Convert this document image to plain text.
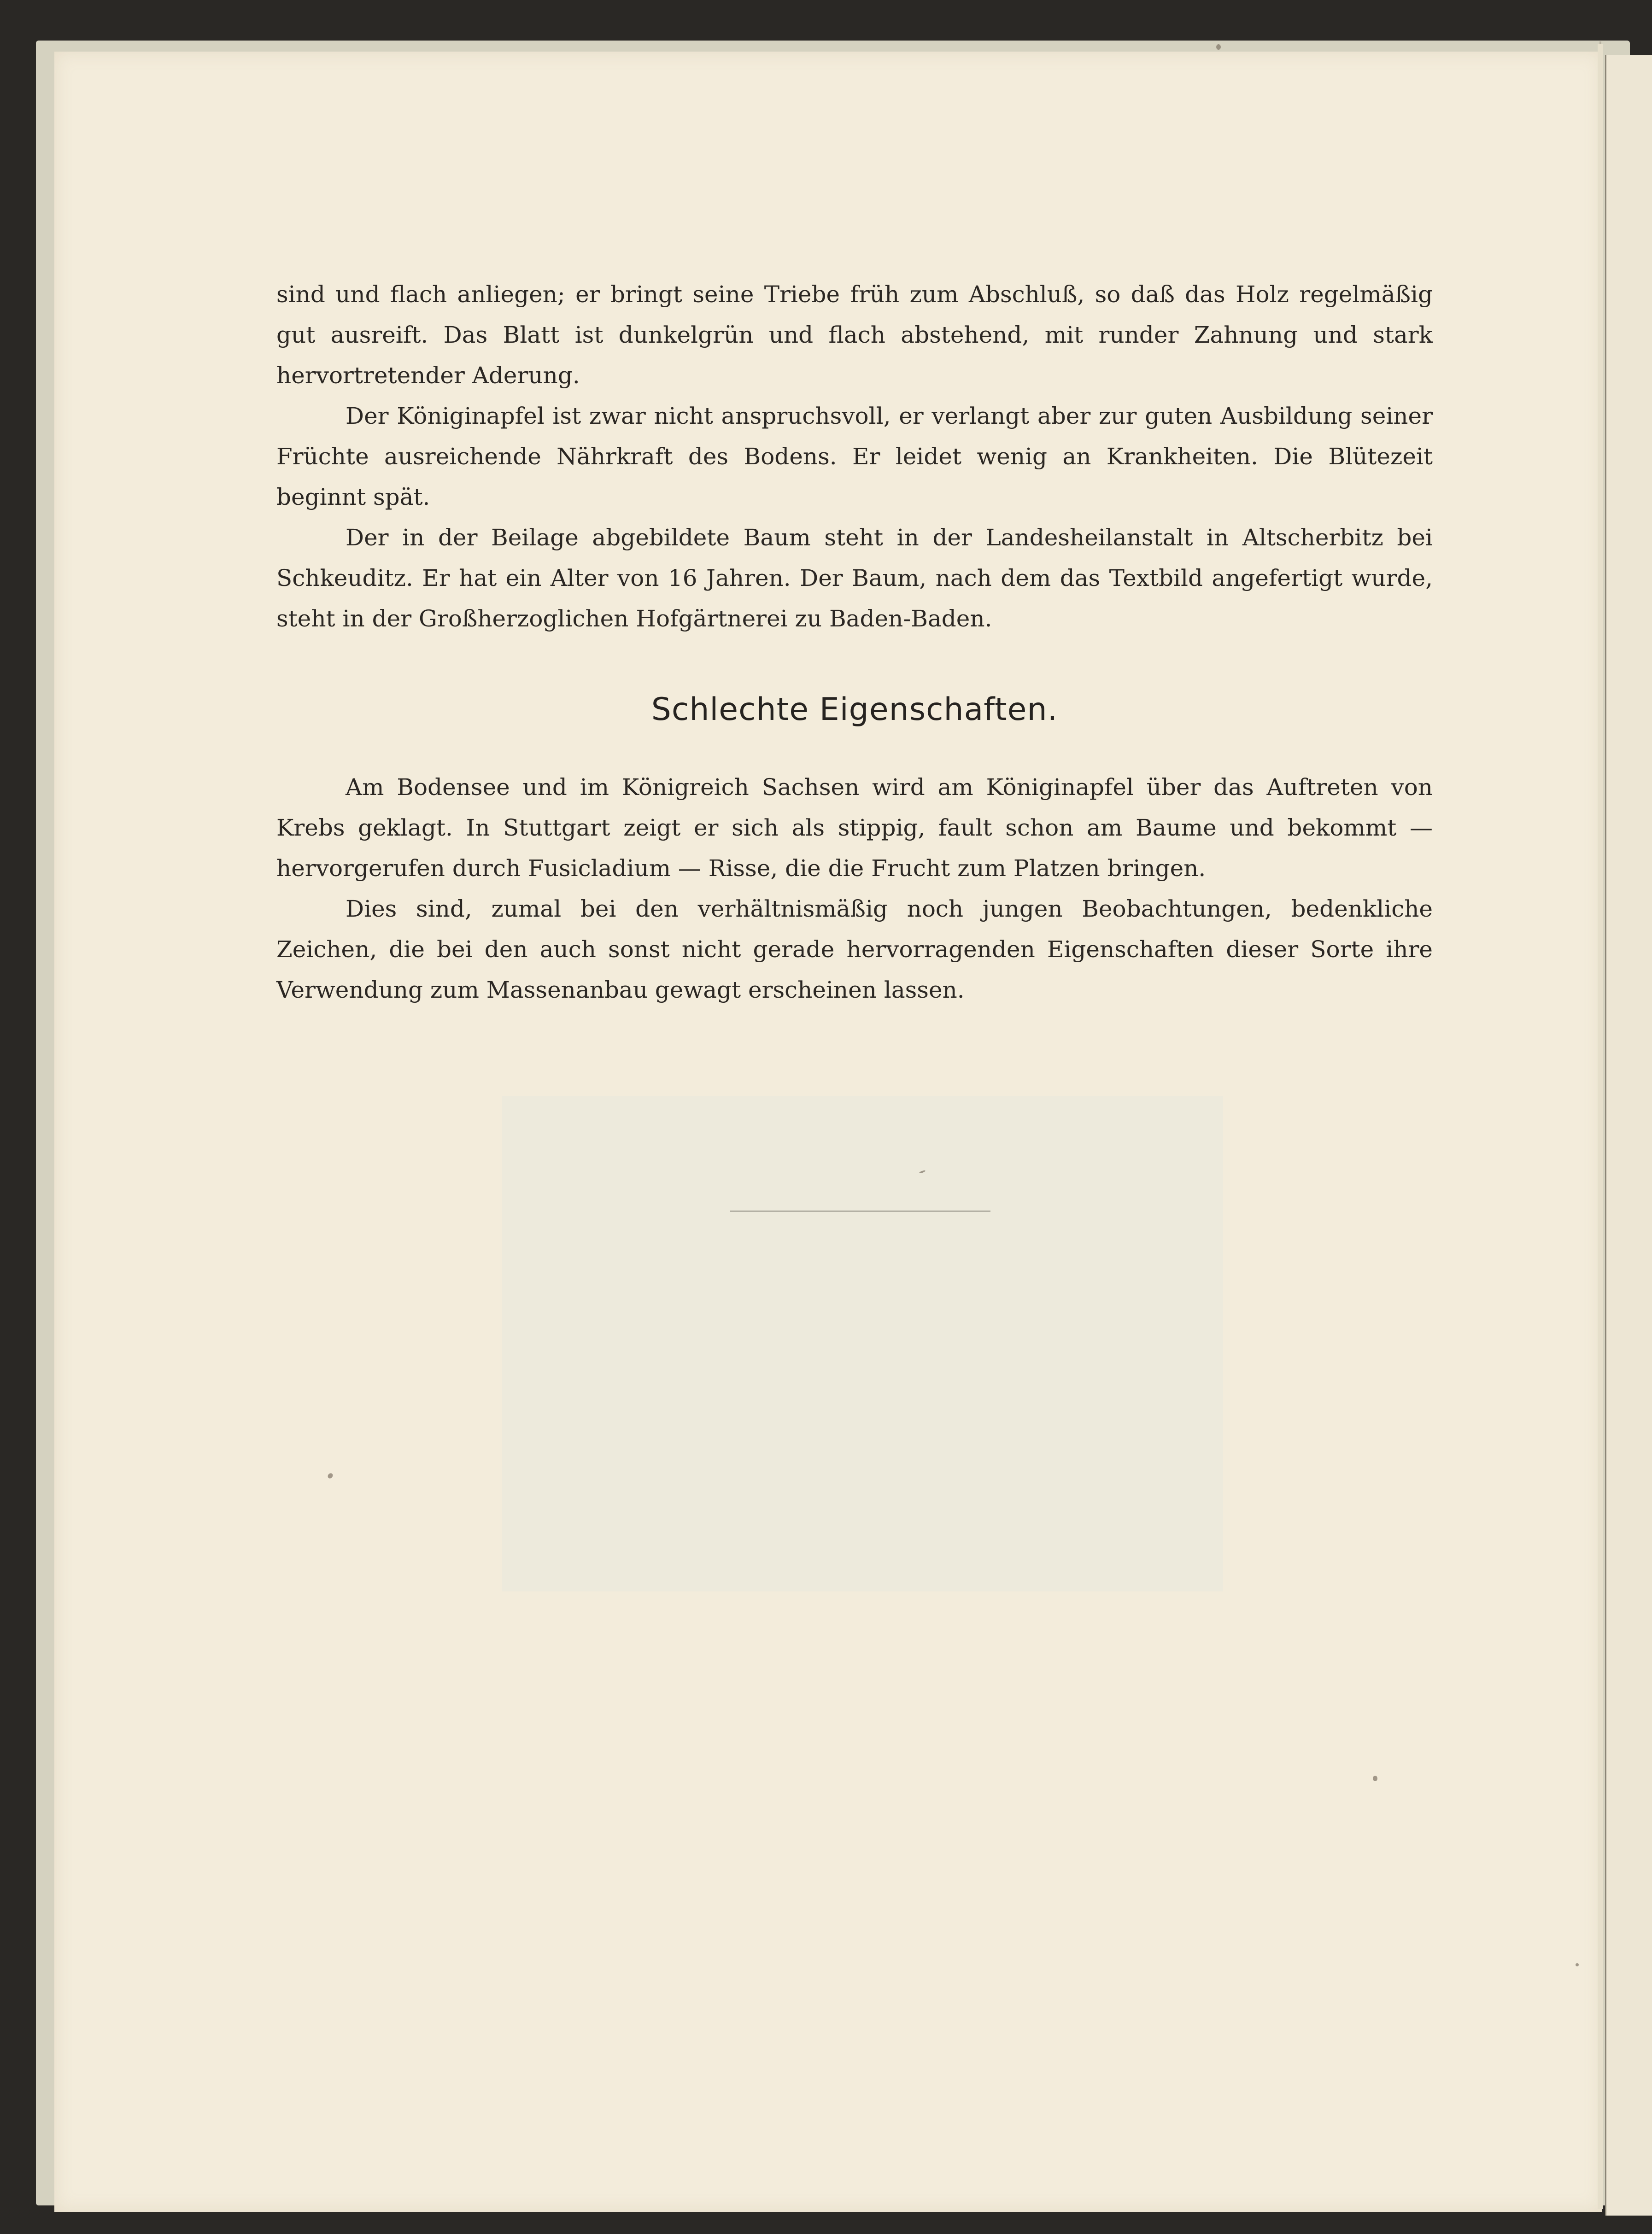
sind und flach anliegen; er bringt seine Triebe früh zum Abschluß, so daß das Holz regelmäßig gut ausreift. Das Blatt ist dunkelgrün und flach abstehend, mit runder Zahnung und stark hervortretender Aderung.

Der Königinapfel ist zwar nicht anspruchsvoll, er verlangt aber zur guten Ausbildung seiner Früchte ausreichende Nährkraft des Bodens. Er leidet wenig an Krankheiten. Die Blütezeit beginnt spät.

Der in der Beilage abgebildete Baum steht in der Landesheilanstalt in Altscherbitz bei Schkeuditz. Er hat ein Alter von 16 Jahren. Der Baum, nach dem das Textbild angefertigt wurde, steht in der Großherzoglichen Hofgärtnerei zu Baden-Baden.

Schlechte Eigenschaften.

Am Bodensee und im Königreich Sachsen wird am Königinapfel über das Auftreten von Krebs geklagt. In Stuttgart zeigt er sich als stippig, fault schon am Baume und bekommt — hervorgerufen durch Fusicladium — Risse, die die Frucht zum Platzen bringen.

Dies sind, zumal bei den verhältnismäßig noch jungen Beobachtungen, bedenkliche Zeichen, die bei den auch sonst nicht gerade hervorragenden Eigenschaften dieser Sorte ihre Verwendung zum Massenanbau gewagt erscheinen lassen.
